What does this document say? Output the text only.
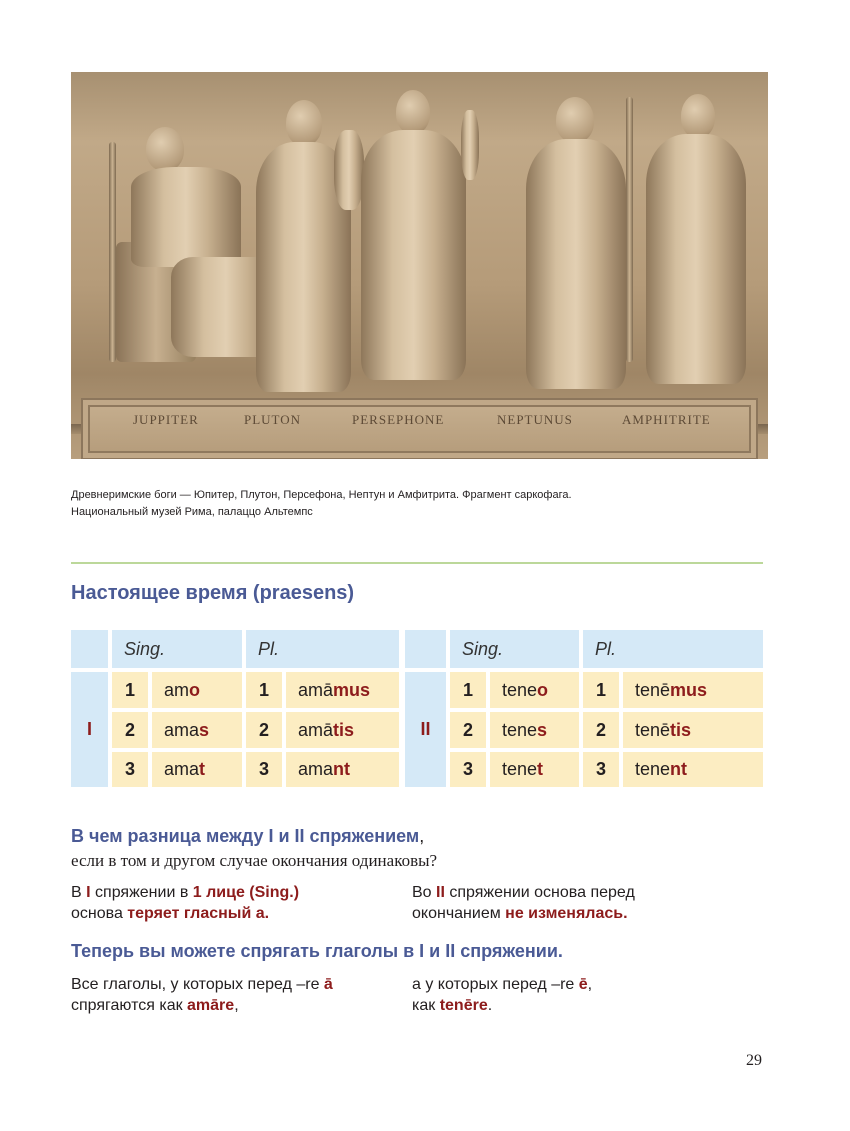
JUPPITER	PLUTON	PERSEPHONE	NEPTUNUS	AMPHITRITE
Древнеримские боги — Юпитер, Плутон, Персефона, Нептун и Амфитрита. Фрагмент саркофага.
Национальный музей Рима, палаццо Альтемпс
Настоящее время (praesens)
Sing.	Pl.
I
1	am o	1	amā mus
2	ama s	2	amā tis
3	ama t	3	ama nt
Sing.	Pl.
II
1	tene o	1	tenē mus
2	tene s	2	tenē tis
3	tene t	3	tene nt
В чем разница между I и II спряжением,
если в том и другом случае окончания одинаковы?
В I спряжении в 1 лице (Sing.)
основа теряет гласный а.
Во II спряжении основа перед
окончанием не изменялась.
Теперь вы можете спрягать глаголы в I и II спряжении.
Все глаголы, у которых перед –re ā
спрягаются как amāre,
а у которых перед –re ē,
как tenēre.
29
